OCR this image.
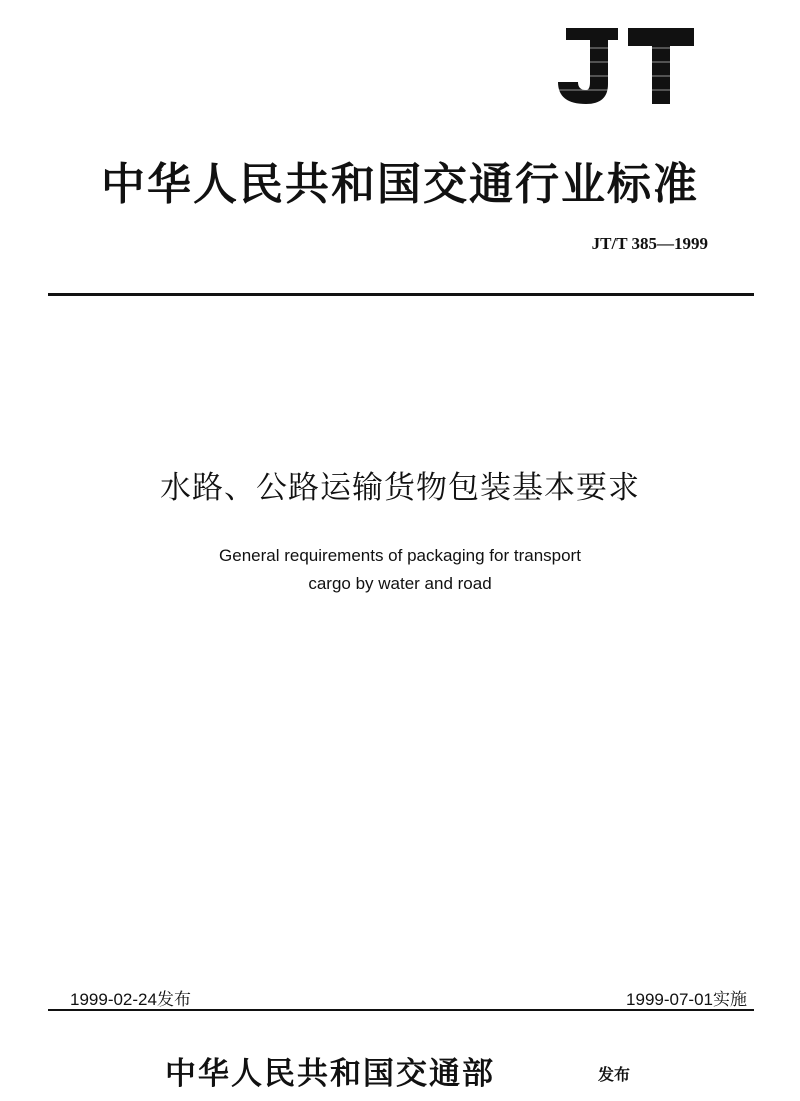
中华人民共和国交通行业标准
JT/T 385—1999
水路、公路运输货物包装基本要求
General requirements of packaging for transport
cargo by water and road
1999-02-24发布	1999-07-01实施
中华人民共和国交通部	发布
